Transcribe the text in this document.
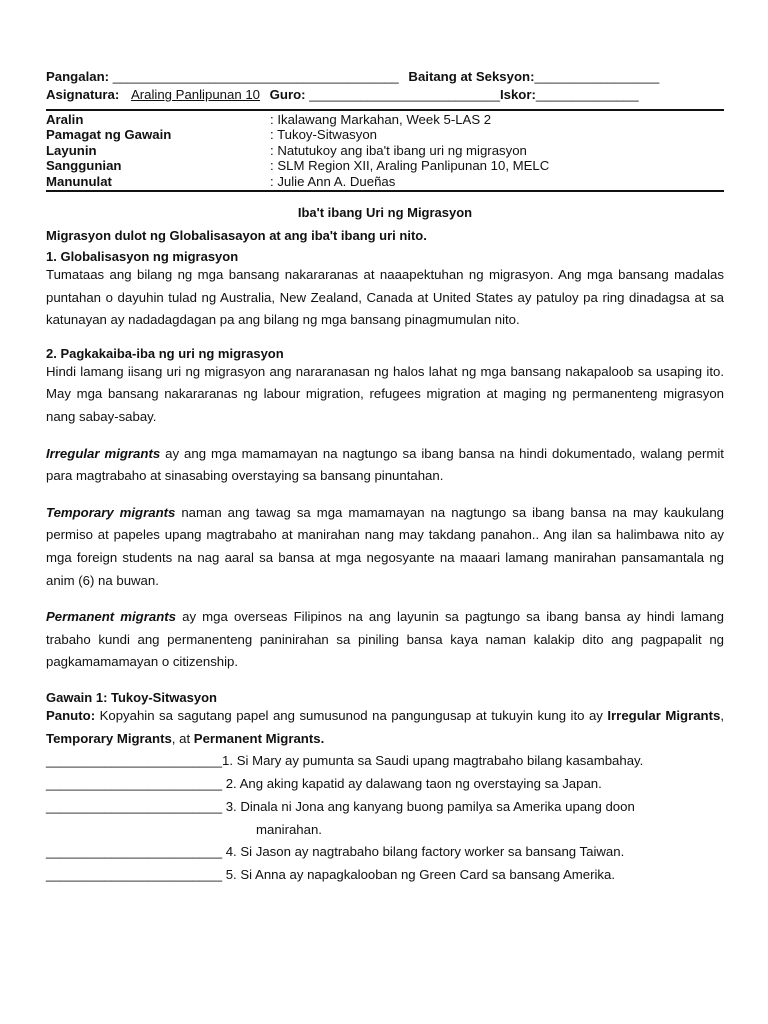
Pangalan: _______________________________________ Baitang at Seksyon:_________________
Asignatura: Araling Panlipunan 10 Guro: __________________________Iskor:______________
Aralin	: Ikalawang Markahan, Week 5-LAS 2
Pamagat ng Gawain	: Tukoy-Sitwasyon
Layunin	: Natutukoy ang iba't ibang uri ng migrasyon
Sanggunian	: SLM Region XII, Araling Panlipunan 10, MELC
Manunulat	: Julie Ann A. Dueñas
Iba't ibang Uri ng Migrasyon
Migrasyon dulot ng Globalisasayon at ang iba't ibang uri nito.
1. Globalisasyon ng migrasyon

Tumataas ang bilang ng mga bansang nakararanas at naaapektuhan ng migrasyon. Ang mga bansang madalas puntahan o dayuhin tulad ng Australia, New Zealand, Canada at United States ay patuloy pa ring dinadagsa at sa katunayan ay nadadagdagan pa ang bilang ng mga bansang pinagmumulan nito.

2. Pagkakaiba-iba ng uri ng migrasyon

Hindi lamang iisang uri ng migrasyon ang nararanasan ng halos lahat ng mga bansang nakapaloob sa usaping ito. May mga bansang nakararanas ng labour migration, refugees migration at maging ng permanenteng migrasyon nang sabay-sabay.

Irregular migrants ay ang mga mamamayan na nagtungo sa ibang bansa na hindi dokumentado, walang permit para magtrabaho at sinasabing overstaying sa bansang pinuntahan.

Temporary migrants naman ang tawag sa mga mamamayan na nagtungo sa ibang bansa na may kaukulang permiso at papeles upang magtrabaho at manirahan nang may takdang panahon.. Ang ilan sa halimbawa nito ay mga foreign students na nag aaral sa bansa at mga negosyante na maaari lamang manirahan pansamantala ng anim (6) na buwan.

Permanent migrants ay mga overseas Filipinos na ang layunin sa pagtungo sa ibang bansa ay hindi lamang trabaho kundi ang permanenteng paninirahan sa piniling bansa kaya naman kalakip dito ang pagpapalit ng pagkamamamayan o citizenship.

Gawain 1: Tukoy-Sitwasyon

Panuto: Kopyahin sa sagutang papel ang sumusunod na pangungusap at tukuyin kung ito ay Irregular Migrants, Temporary Migrants, at Permanent Migrants.

________________________1. Si Mary ay pumunta sa Saudi upang magtrabaho bilang kasambahay.
________________________ 2. Ang aking kapatid ay dalawang taon ng overstaying sa Japan.
________________________ 3. Dinala ni Jona ang kanyang buong pamilya sa Amerika upang doon
manirahan.
________________________ 4. Si Jason ay nagtrabaho bilang factory worker sa bansang Taiwan.
________________________ 5. Si Anna ay napagkalooban ng Green Card sa bansang Amerika.
